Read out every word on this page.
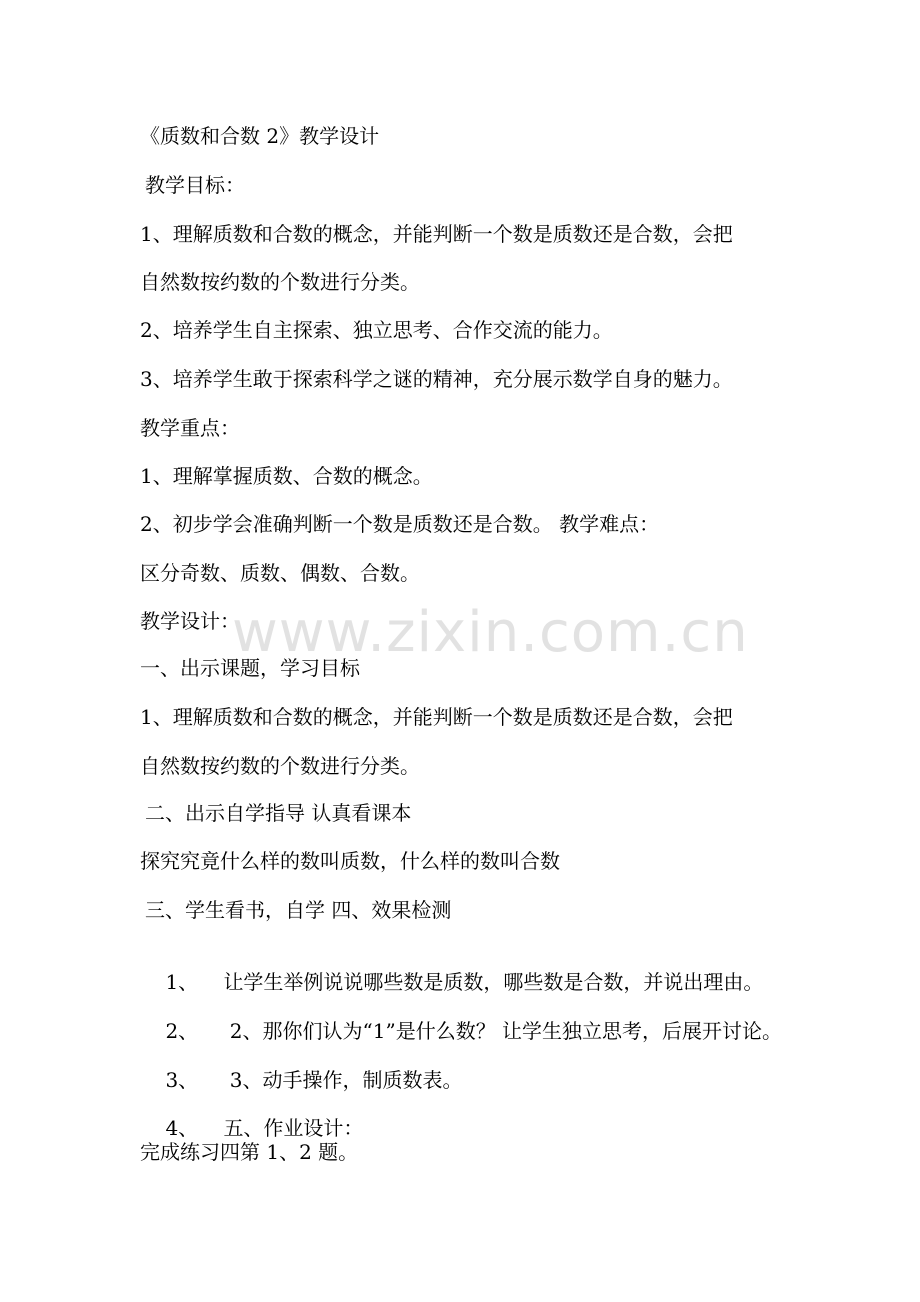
www.zixin.com.cn
《质数和合数 2》教学设计
教学目标：
1、理解质数和合数的概念，并能判断一个数是质数还是合数，会把
自然数按约数的个数进行分类。
2、培养学生自主探索、独立思考、合作交流的能力。
3、培养学生敢于探索科学之谜的精神，充分展示数学自身的魅力。
教学重点：
1、理解掌握质数、合数的概念。
2、初步学会准确判断一个数是质数还是合数。 教学难点：
区分奇数、质数、偶数、合数。
教学设计：
一、出示课题，学习目标
1、理解质数和合数的概念，并能判断一个数是质数还是合数，会把
自然数按约数的个数进行分类。
二、出示自学指导 认真看课本
探究究竟什么样的数叫质数，什么样的数叫合数
三、学生看书，自学 四、效果检测

1、 让学生举例说说哪些数是质数，哪些数是合数，并说出理由。

2、 2、那你们认为“1”是什么数？ 让学生独立思考，后展开讨论。

3、 3、动手操作，制质数表。

4、 五、作业设计：

完成练习四第 1、2 题。
